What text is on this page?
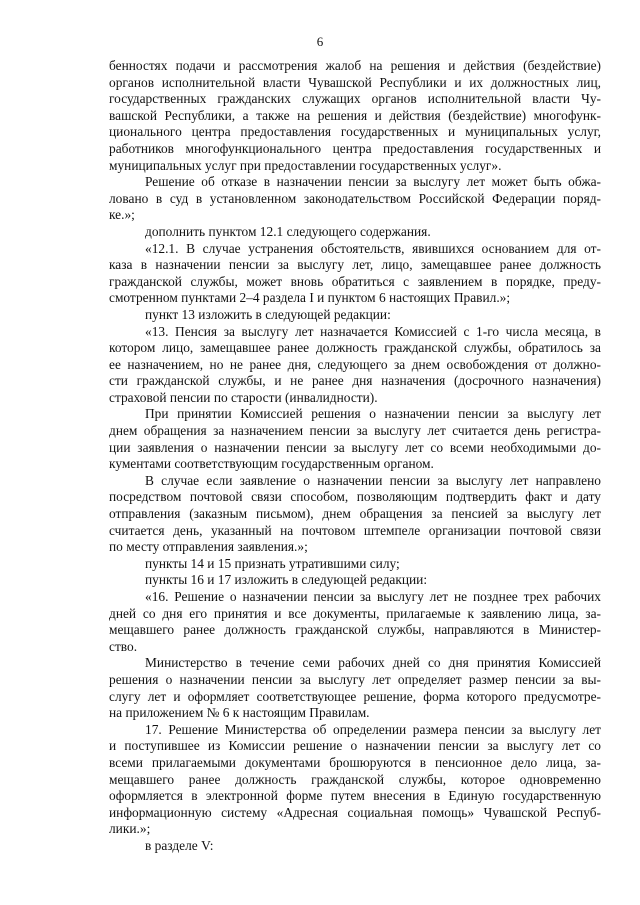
6
бенностях подачи и рассмотрения жалоб на решения и действия (бездействие)
органов исполнительной власти Чувашской Республики и их должностных лиц,
государственных гражданских служащих органов исполнительной власти Чу-
вашской Республики, а также на решения и действия (бездействие) многофунк-
ционального центра предоставления государственных и муниципальных услуг,
работников многофункционального центра предоставления государственных и
муниципальных услуг при предоставлении государственных услуг».
Решение об отказе в назначении пенсии за выслугу лет может быть обжа-
ловано в суд в установленном законодательством Российской Федерации поряд-
ке.»;
дополнить пунктом 12.1 следующего содержания.
«12.1. В случае устранения обстоятельств, явившихся основанием для от-
каза в назначении пенсии за выслугу лет, лицо, замещавшее ранее должность
гражданской службы, может вновь обратиться с заявлением в порядке, преду-
смотренном пунктами 2–4 раздела I и пунктом 6 настоящих Правил.»;
пункт 13 изложить в следующей редакции:
«13. Пенсия за выслугу лет назначается Комиссией с 1-го числа месяца, в
котором лицо, замещавшее ранее должность гражданской службы, обратилось за
ее назначением, но не ранее дня, следующего за днем освобождения от должно-
сти гражданской службы, и не ранее дня назначения (досрочного назначения)
страховой пенсии по старости (инвалидности).
При принятии Комиссией решения о назначении пенсии за выслугу лет
днем обращения за назначением пенсии за выслугу лет считается день регистра-
ции заявления о назначении пенсии за выслугу лет со всеми необходимыми до-
кументами соответствующим государственным органом.
В случае если заявление о назначении пенсии за выслугу лет направлено
посредством почтовой связи способом, позволяющим подтвердить факт и дату
отправления (заказным письмом), днем обращения за пенсией за выслугу лет
считается день, указанный на почтовом штемпеле организации почтовой связи
по месту отправления заявления.»;
пункты 14 и 15 признать утратившими силу;
пункты 16 и 17 изложить в следующей редакции:
«16. Решение о назначении пенсии за выслугу лет не позднее трех рабочих
дней со дня его принятия и все документы, прилагаемые к заявлению лица, за-
мещавшего ранее должность гражданской службы, направляются в Министер-
ство.
Министерство в течение семи рабочих дней со дня принятия Комиссией
решения о назначении пенсии за выслугу лет определяет размер пенсии за вы-
слугу лет и оформляет соответствующее решение, форма которого предусмотре-
на приложением № 6 к настоящим Правилам.
17. Решение Министерства об определении размера пенсии за выслугу лет
и поступившее из Комиссии решение о назначении пенсии за выслугу лет со
всеми прилагаемыми документами брошюруются в пенсионное дело лица, за-
мещавшего ранее должность гражданской службы, которое одновременно
оформляется в электронной форме путем внесения в Единую государственную
информационную систему «Адресная социальная помощь» Чувашской Респуб-
лики.»;
в разделе V:
